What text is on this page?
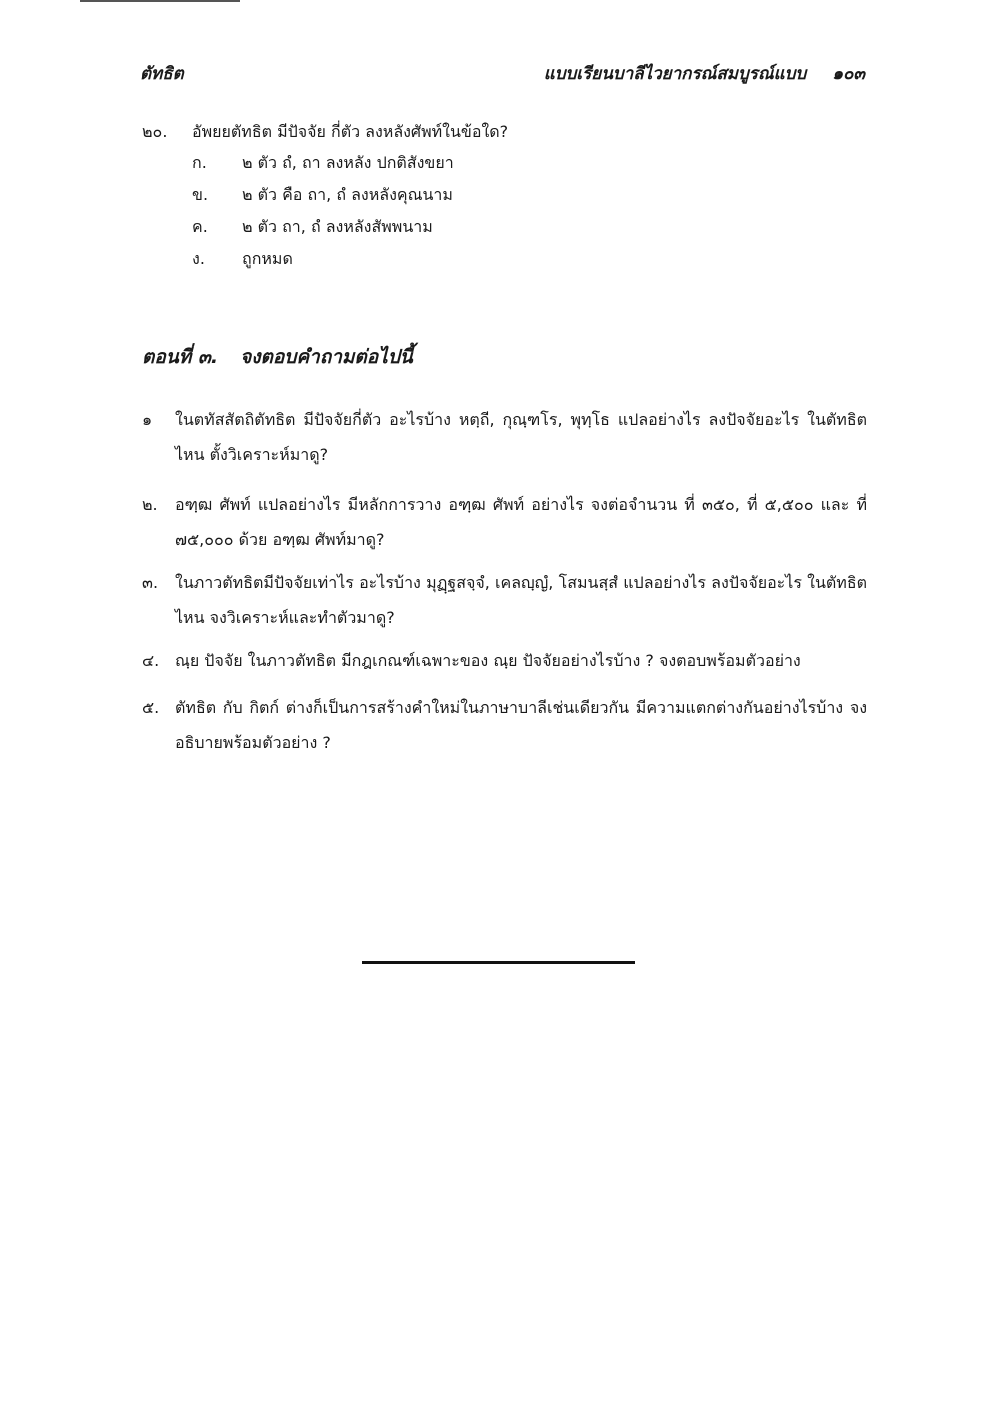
ตัทธิต	แบบเรียนบาลีไวยากรณ์สมบูรณ์แบบ ๑๐๓
๒๐. อัพยยตัทธิต มีปัจจัย กี่ตัว ลงหลังศัพท์ในข้อใด?
ก. ๒ ตัว ถํ, ถา ลงหลัง ปกติสังขยา
ข. ๒ ตัว คือ ถา, ถํ ลงหลังคุณนาม
ค. ๒ ตัว ถา, ถํ ลงหลังสัพพนาม
ง. ถูกหมด
ตอนที่ ๓. จงตอบคำถามต่อไปนี้
๑ ในตทัสสัตถิตัทธิต มีปัจจัยกี่ตัว อะไรบ้าง หตฺถี, กุณฺฑโร, พุทฺโธ แปลอย่างไร ลงปัจจัยอะไร ในตัทธิตไหน ตั้งวิเคราะห์มาดู?
๒. อฑฺฒ ศัพท์ แปลอย่างไร มีหลักการวาง อฑฺฒ ศัพท์ อย่างไร จงต่อจำนวน ที่ ๓๕๐, ที่ ๕,๕๐๐ และ ที่ ๗๕,๐๐๐ ด้วย อฑฺฒ ศัพท์มาดู?
๓. ในภาวตัทธิตมีปัจจัยเท่าไร อะไรบ้าง มุฏฺฐสจฺจํ, เคลญฺญํ, โสมนสฺสํ แปลอย่างไร ลงปัจจัยอะไร ในตัทธิต ไหน จงวิเคราะห์และทำตัวมาดู?
๔. ณฺย ปัจจัย ในภาวตัทธิต มีกฎเกณฑ์เฉพาะของ ณฺย ปัจจัยอย่างไรบ้าง ? จงตอบพร้อมตัวอย่าง
๕. ตัทธิต กับ กิตก์ ต่างก็เป็นการสร้างคำใหม่ในภาษาบาลีเช่นเดียวกัน มีความแตกต่างกันอย่างไรบ้าง จง อธิบายพร้อมตัวอย่าง ?
